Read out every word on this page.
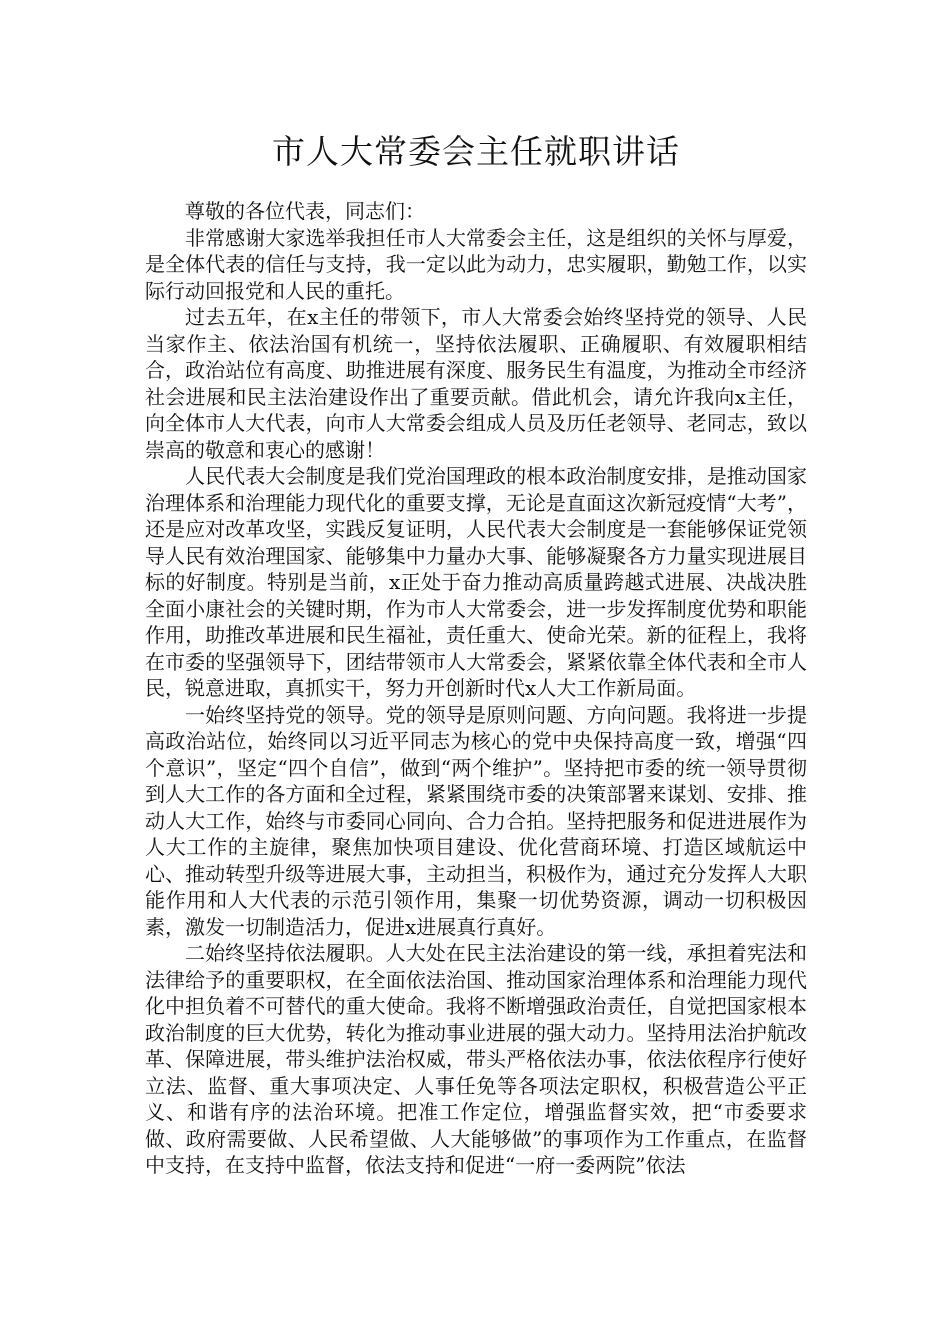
市人大常委会主任就职讲话

尊敬的各位代表，同志们：

非常感谢大家选举我担任市人大常委会主任，这是组织的关怀与厚爱，是全体代表的信任与支持，我一定以此为动力，忠实履职，勤勉工作，以实际行动回报党和人民的重托。

过去五年，在x主任的带领下，市人大常委会始终坚持党的领导、人民当家作主、依法治国有机统一，坚持依法履职、正确履职、有效履职相结合，政治站位有高度、助推进展有深度、服务民生有温度，为推动全市经济社会进展和民主法治建设作出了重要贡献。借此机会，请允许我向x主任，向全体市人大代表，向市人大常委会组成人员及历任老领导、老同志，致以崇高的敬意和衷心的感谢！

人民代表大会制度是我们党治国理政的根本政治制度安排，是推动国家治理体系和治理能力现代化的重要支撑，无论是直面这次新冠疫情“大考”，还是应对改革攻坚，实践反复证明，人民代表大会制度是一套能够保证党领导人民有效治理国家、能够集中力量办大事、能够凝聚各方力量实现进展目标的好制度。特别是当前，x正处于奋力推动高质量跨越式进展、决战决胜全面小康社会的关键时期，作为市人大常委会，进一步发挥制度优势和职能作用，助推改革进展和民生福祉，责任重大、使命光荣。新的征程上，我将在市委的坚强领导下，团结带领市人大常委会，紧紧依靠全体代表和全市人民，锐意进取，真抓实干，努力开创新时代x人大工作新局面。

一始终坚持党的领导。党的领导是原则问题、方向问题。我将进一步提高政治站位，始终同以习近平同志为核心的党中央保持高度一致，增强“四个意识”，坚定“四个自信”，做到“两个维护”。坚持把市委的统一领导贯彻到人大工作的各方面和全过程，紧紧围绕市委的决策部署来谋划、安排、推动人大工作，始终与市委同心同向、合力合拍。坚持把服务和促进进展作为人大工作的主旋律，聚焦加快项目建设、优化营商环境、打造区域航运中心、推动转型升级等进展大事，主动担当，积极作为，通过充分发挥人大职能作用和人大代表的示范引领作用，集聚一切优势资源，调动一切积极因素，激发一切制造活力，促进x进展真行真好。

二始终坚持依法履职。人大处在民主法治建设的第一线，承担着宪法和法律给予的重要职权，在全面依法治国、推动国家治理体系和治理能力现代化中担负着不可替代的重大使命。我将不断增强政治责任，自觉把国家根本政治制度的巨大优势，转化为推动事业进展的强大动力。坚持用法治护航改革、保障进展，带头维护法治权威，带头严格依法办事，依法依程序行使好立法、监督、重大事项决定、人事任免等各项法定职权，积极营造公平正义、和谐有序的法治环境。把准工作定位，增强监督实效，把“市委要求做、政府需要做、人民希望做、人大能够做”的事项作为工作重点，在监督中支持，在支持中监督，依法支持和促进“一府一委两院”依法
